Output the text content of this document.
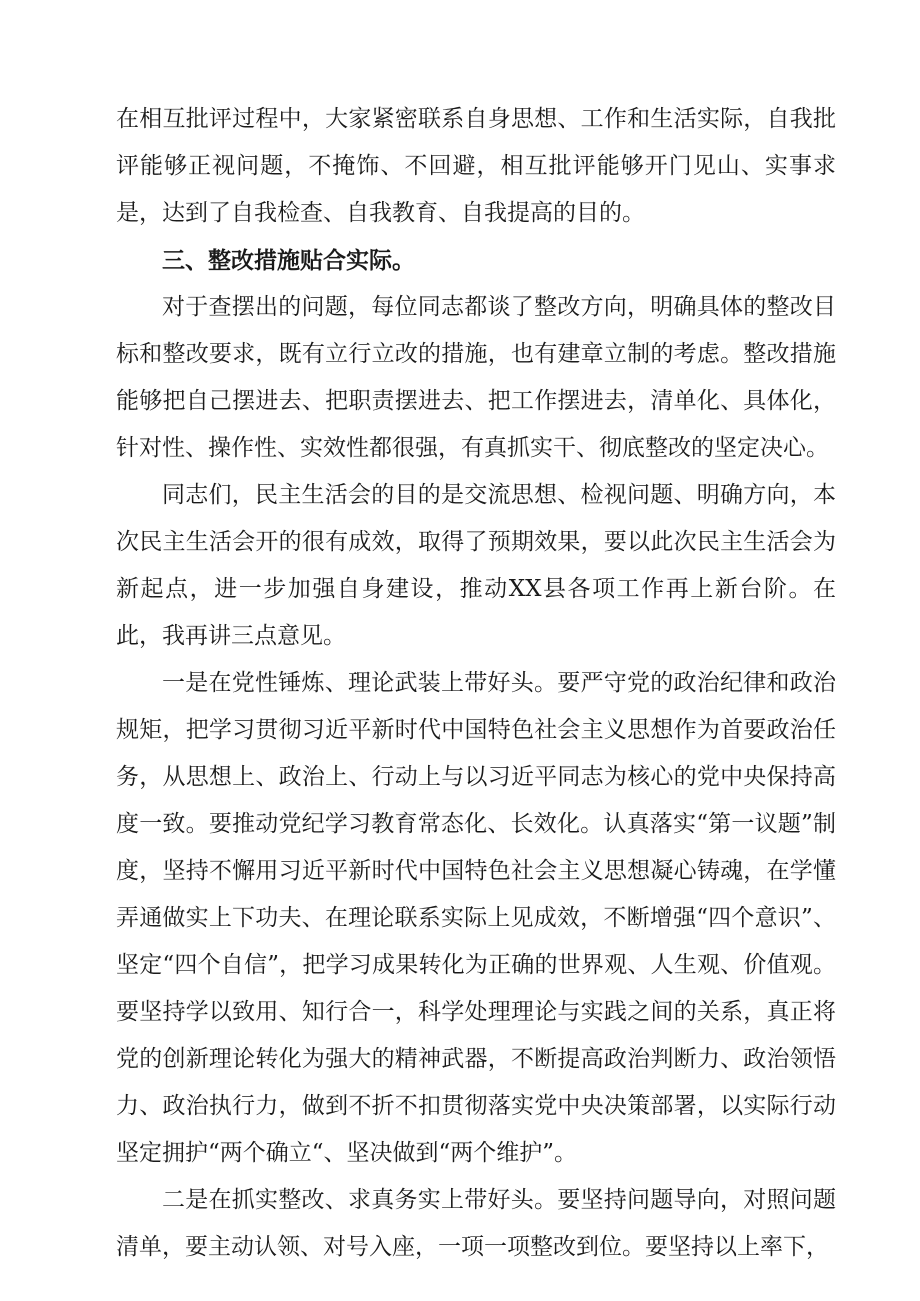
在相互批评过程中，大家紧密联系自身思想、工作和生活实际，自我批评能够正视问题，不掩饰、不回避，相互批评能够开门见山、实事求是，达到了自我检查、自我教育、自我提高的目的。

三、整改措施贴合实际。

对于查摆出的问题，每位同志都谈了整改方向，明确具体的整改目标和整改要求，既有立行立改的措施，也有建章立制的考虑。整改措施能够把自己摆进去、把职责摆进去、把工作摆进去，清单化、具体化，针对性、操作性、实效性都很强，有真抓实干、彻底整改的坚定决心。

同志们，民主生活会的目的是交流思想、检视问题、明确方向，本次民主生活会开的很有成效，取得了预期效果，要以此次民主生活会为新起点，进一步加强自身建设，推动XX县各项工作再上新台阶。在此，我再讲三点意见。

一是在党性锤炼、理论武装上带好头。要严守党的政治纪律和政治规矩，把学习贯彻习近平新时代中国特色社会主义思想作为首要政治任务，从思想上、政治上、行动上与以习近平同志为核心的党中央保持高度一致。要推动党纪学习教育常态化、长效化。认真落实“第一议题”制度，坚持不懈用习近平新时代中国特色社会主义思想凝心铸魂，在学懂弄通做实上下功夫、在理论联系实际上见成效，不断增强“四个意识”、坚定“四个自信”，把学习成果转化为正确的世界观、人生观、价值观。要坚持学以致用、知行合一，科学处理理论与实践之间的关系，真正将党的创新理论转化为强大的精神武器，不断提高政治判断力、政治领悟力、政治执行力，做到不折不扣贯彻落实党中央决策部署，以实际行动坚定拥护“两个确立“、坚决做到“两个维护”。

二是在抓实整改、求真务实上带好头。要坚持问题导向，对照问题清单，要主动认领、对号入座，一项一项整改到位。要坚持以上率下，
